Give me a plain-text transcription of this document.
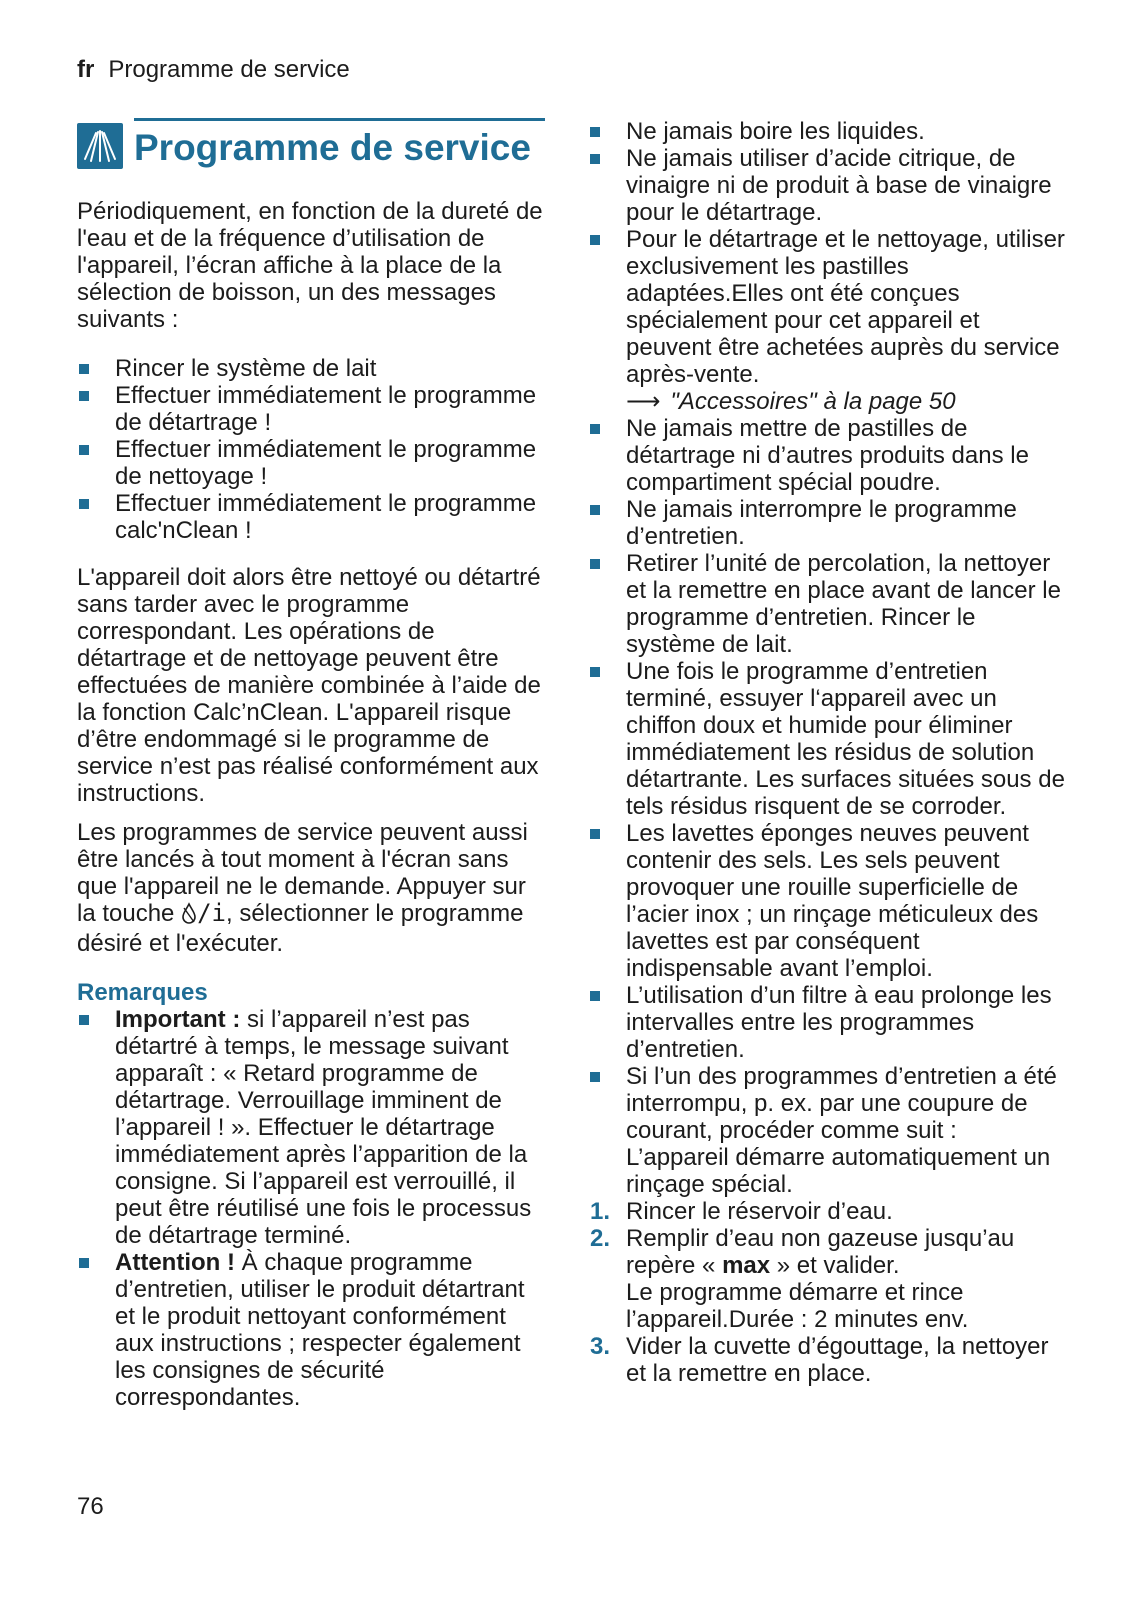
fr Programme de service
Programme de service

Périodiquement, en fonction de la dureté de l'eau et de la fréquence d’utilisation de l'appareil, l’écran affiche à la place de la sélection de boisson, un des messages suivants :

Rincer le système de lait
Effectuer immédiatement le programme de détartrage !
Effectuer immédiatement le programme de nettoyage !
Effectuer immédiatement le programme calc'nClean !

L'appareil doit alors être nettoyé ou détartré sans tarder avec le programme correspondant. Les opérations de détartrage et de nettoyage peuvent être effectuées de manière combinée à l’aide de la fonction Calc’nClean. L'appareil risque d’être endommagé si le programme de service n’est pas réalisé conformément aux instructions.

Les programmes de service peuvent aussi être lancés à tout moment à l'écran sans que l'appareil ne le demande. Appuyer sur la touche /i, sélectionner le programme désiré et l'exécuter.

Remarques
Important : si l’appareil n’est pas détartré à temps, le message suivant apparaît : « Retard programme de détartrage. Verrouillage imminent de l’appareil ! ». Effectuer le détartrage immédiatement après l’apparition de la consigne. Si l’appareil est verrouillé, il peut être réutilisé une fois le processus de détartrage terminé.
Attention ! À chaque programme d’entretien, utiliser le produit détartrant et le produit nettoyant conformément aux instructions ; respecter également les consignes de sécurité correspondantes.
Ne jamais boire les liquides.
Ne jamais utiliser d’acide citrique, de vinaigre ni de produit à base de vinaigre pour le détartrage.
Pour le détartrage et le nettoyage, utiliser exclusivement les pastilles adaptées.Elles ont été conçues spécialement pour cet appareil et peuvent être achetées auprès du service après-vente.
⟶ "Accessoires" à la page 50
Ne jamais mettre de pastilles de détartrage ni d’autres produits dans le compartiment spécial poudre.
Ne jamais interrompre le programme d’entretien.
Retirer l’unité de percolation, la nettoyer et la remettre en place avant de lancer le programme d’entretien. Rincer le système de lait.
Une fois le programme d’entretien terminé, essuyer l‘appareil avec un chiffon doux et humide pour éliminer immédiatement les résidus de solution détartrante. Les surfaces situées sous de tels résidus risquent de se corroder.
Les lavettes éponges neuves peuvent contenir des sels. Les sels peuvent provoquer une rouille superficielle de l’acier inox ; un rinçage méticuleux des lavettes est par conséquent indispensable avant l’emploi.
L’utilisation d’un filtre à eau prolonge les intervalles entre les programmes d’entretien.
Si l’un des programmes d’entretien a été interrompu, p. ex. par une coupure de courant, procéder comme suit :
L’appareil démarre automatiquement un rinçage spécial.
1. Rincer le réservoir d’eau.
2. Remplir d’eau non gazeuse jusqu’au repère « max » et valider.
Le programme démarre et rince l’appareil.Durée : 2 minutes env.
3. Vider la cuvette d’égouttage, la nettoyer et la remettre en place.
76
